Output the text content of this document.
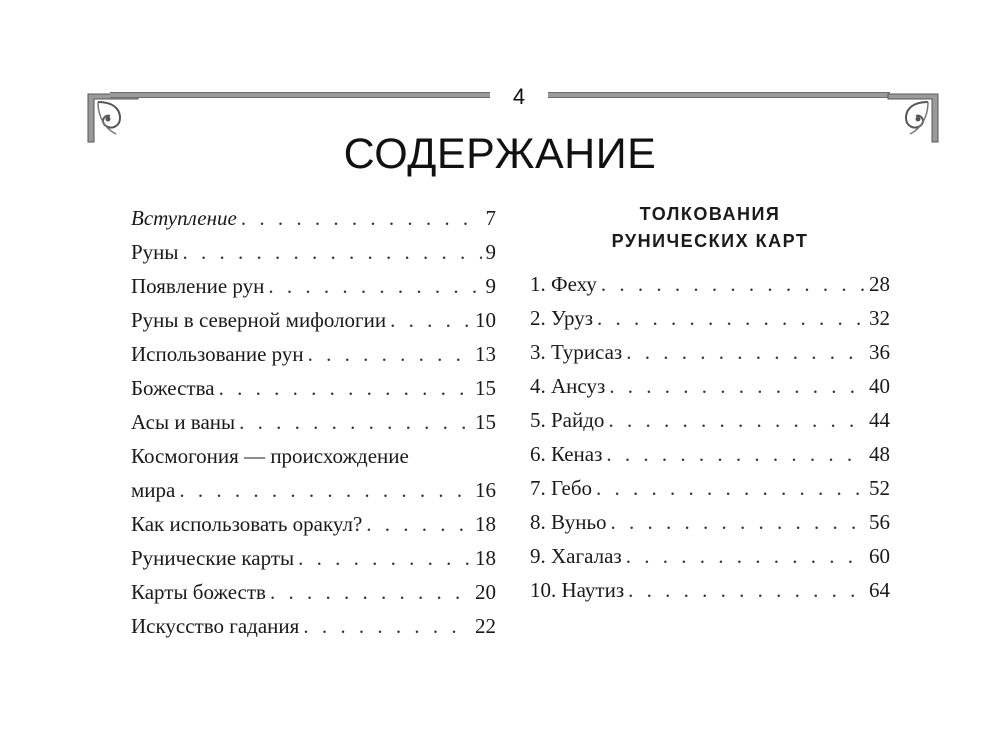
4
СОДЕРЖАНИЕ
Вступление . . .	7
Руны . . .	9
Появление рун . . .	9
Руны в северной мифологии . . .	10
Использование рун . . .	13
Божества . . .	15
Асы и ваны . . .	15
Космогония — происхождение
мира . . .	16
Как использовать оракул? . . .	18
Рунические карты . . .	18
Карты божеств . . .	20
Искусство гадания . . .	22
ТОЛКОВАНИЯ
РУНИЧЕСКИХ КАРТ
1. Феху . . .	28
2. Уруз . . .	32
3. Турисаз . . .	36
4. Ансуз . . .	40
5. Райдо . . .	44
6. Кеназ . . .	48
7. Гебо . . .	52
8. Вуньо . . .	56
9. Хагалаз . . .	60
10. Наутиз . . .	64
